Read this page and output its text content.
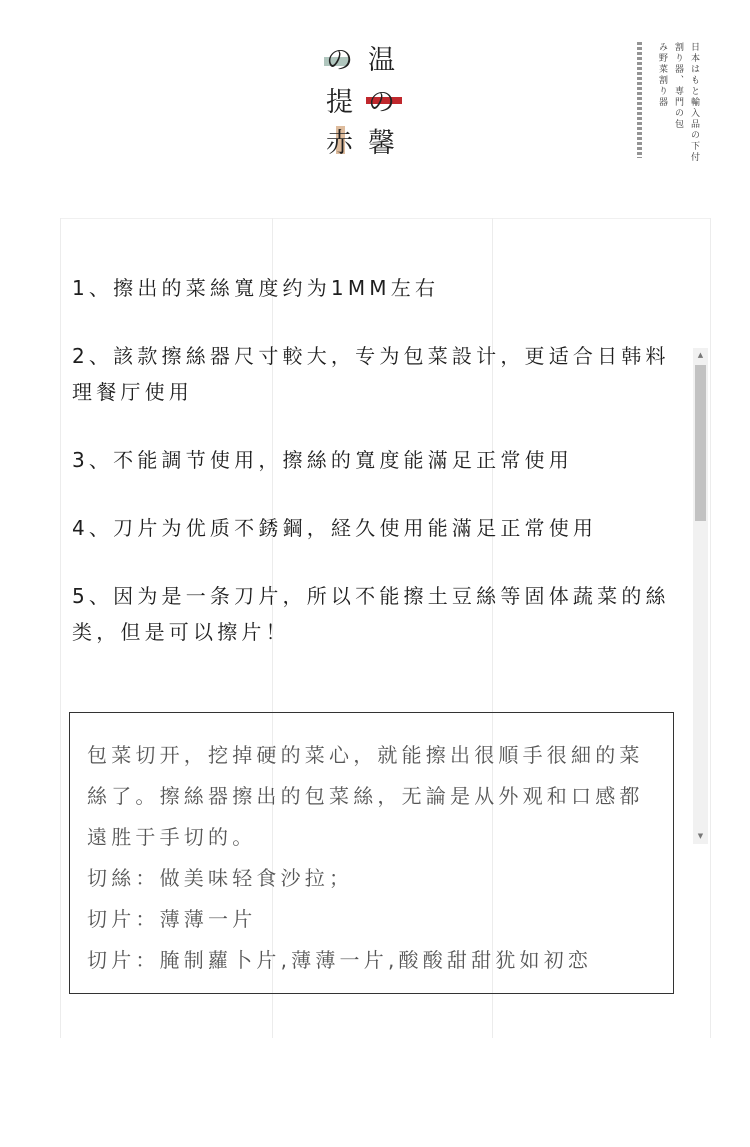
の 温
提 の
赤 馨	日本はもと輸入品の下付
割り器、専門の包
み野菜割り器
1、擦出的菜絲寬度约为1MM左右
2、該款擦絲器尺寸較大，专为包菜設计，更适合日韩料理餐厅使用
3、不能調节使用，擦絲的寬度能滿足正常使用
4、刀片为优质不銹鋼，経久使用能滿足正常使用
5、因为是一条刀片，所以不能擦土豆絲等固体蔬菜的絲类，但是可以擦片！
▲
▼

包菜切开，挖掉硬的菜心，就能擦出很順手很細的菜絲了。擦絲器擦出的包菜絲，无論是从外观和口感都遠胜于手切的。

切絲：做美味轻食沙拉；

切片：薄薄一片

切片：腌制蘿卜片,薄薄一片,酸酸甜甜犹如初恋
